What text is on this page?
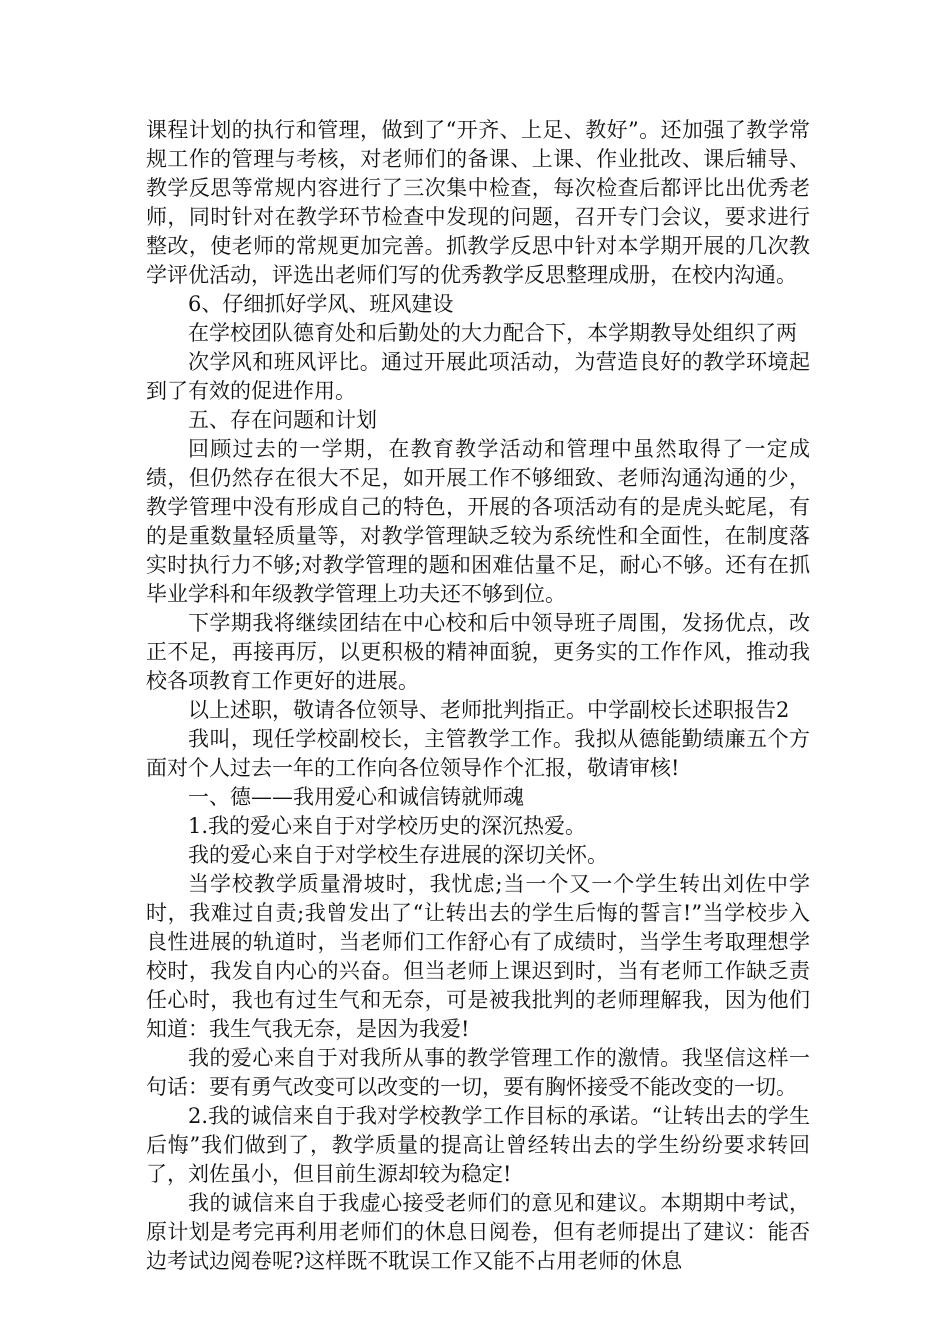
课程计划的执行和管理，做到了“开齐、上足、教好”。还加强了教学常规工作的管理与考核，对老师们的备课、上课、作业批改、课后辅导、教学反思等常规内容进行了三次集中检查，每次检查后都评比出优秀老师，同时针对在教学环节检查中发现的问题，召开专门会议，要求进行整改，使老师的常规更加完善。抓教学反思中针对本学期开展的几次教学评优活动，评选出老师们写的优秀教学反思整理成册，在校内沟通。

6、仔细抓好学风、班风建设

在学校团队德育处和后勤处的大力配合下，本学期教导处组织了两

次学风和班风评比。通过开展此项活动，为营造良好的教学环境起到了有效的促进作用。

五、存在问题和计划

回顾过去的一学期，在教育教学活动和管理中虽然取得了一定成绩，但仍然存在很大不足，如开展工作不够细致、老师沟通沟通的少，教学管理中没有形成自己的特色，开展的各项活动有的是虎头蛇尾，有的是重数量轻质量等，对教学管理缺乏较为系统性和全面性，在制度落实时执行力不够;对教学管理的题和困难估量不足，耐心不够。还有在抓毕业学科和年级教学管理上功夫还不够到位。

下学期我将继续团结在中心校和后中领导班子周围，发扬优点，改正不足，再接再厉，以更积极的精神面貌，更务实的工作作风，推动我校各项教育工作更好的进展。

以上述职，敬请各位领导、老师批判指正。中学副校长述职报告2

我叫，现任学校副校长，主管教学工作。我拟从德能勤绩廉五个方面对个人过去一年的工作向各位领导作个汇报，敬请审核!

一、德——我用爱心和诚信铸就师魂

1.我的爱心来自于对学校历史的深沉热爱。

我的爱心来自于对学校生存进展的深切关怀。

当学校教学质量滑坡时，我忧虑;当一个又一个学生转出刘佐中学时，我难过自责;我曾发出了“让转出去的学生后悔的誓言!”当学校步入良性进展的轨道时，当老师们工作舒心有了成绩时，当学生考取理想学校时，我发自内心的兴奋。但当老师上课迟到时，当有老师工作缺乏责任心时，我也有过生气和无奈，可是被我批判的老师理解我，因为他们知道：我生气我无奈，是因为我爱!

我的爱心来自于对我所从事的教学管理工作的激情。我坚信这样一句话：要有勇气改变可以改变的一切，要有胸怀接受不能改变的一切。

2.我的诚信来自于我对学校教学工作目标的承诺。“让转出去的学生后悔”我们做到了，教学质量的提高让曾经转出去的学生纷纷要求转回了，刘佐虽小，但目前生源却较为稳定!

我的诚信来自于我虚心接受老师们的意见和建议。本期期中考试，原计划是考完再利用老师们的休息日阅卷，但有老师提出了建议：能否边考试边阅卷呢?这样既不耽误工作又能不占用老师的休息
